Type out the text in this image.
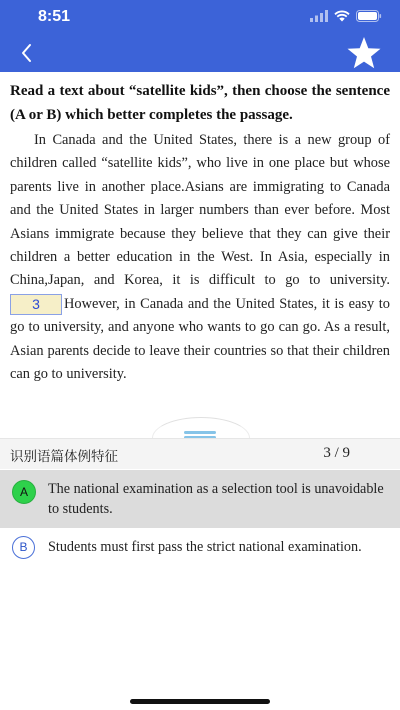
8:51

Read a text about “satellite kids”, then choose the sentence (A or B) which better completes the passage.

In Canada and the United States, there is a new group of children called “satellite kids”, who live in one place but whose parents live in another place.Asians are immigrating to Canada and the United States in larger numbers than ever before. Most Asians immigrate because they believe that they can give their children a better education in the West. In Asia, especially in China,Japan, and Korea, it is difficult to go to university. 3 However, in Canada and the United States, it is easy to go to university, and anyone who wants to go can go. As a result, Asian parents decide to leave their countries so that their children can go to university.

识别语篇体例特征	3 / 9
A	The national examination as a selection tool is unavoidable to students.
B	Students must first pass the strict national examination.
